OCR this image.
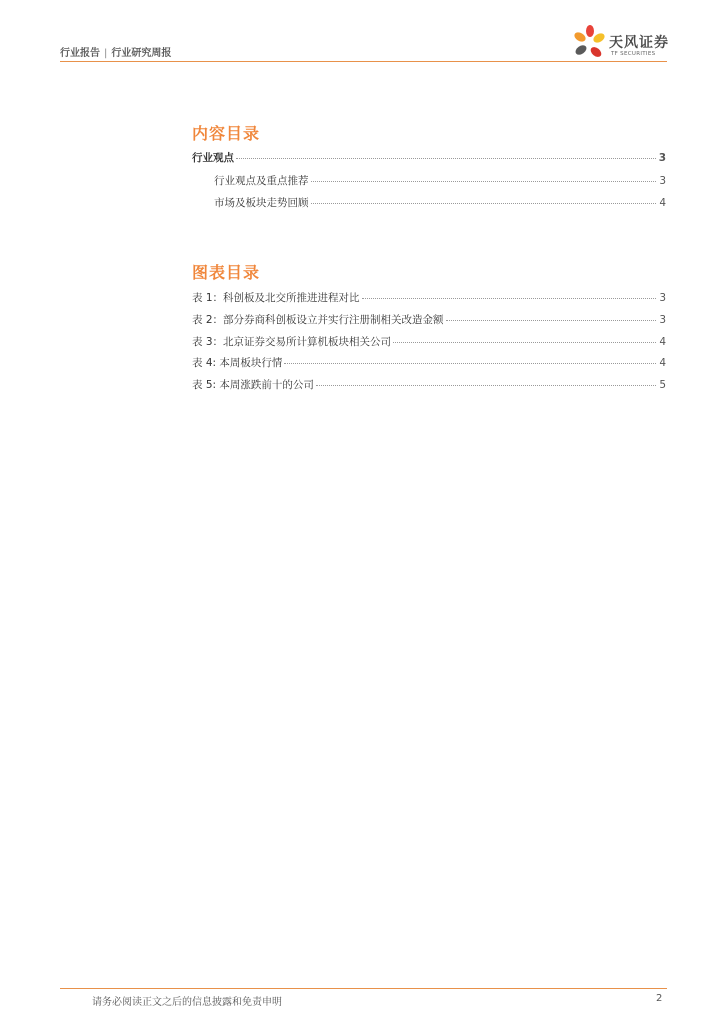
行业报告 | 行业研究周报
天风证券
TF SECURITIES
内容目录
行业观点	3
行业观点及重点推荐	3
市场及板块走势回顾	4
图表目录
表 1：科创板及北交所推进进程对比	3
表 2：部分券商科创板设立并实行注册制相关改造金额	3
表 3：北京证券交易所计算机板块相关公司	4
表 4: 本周板块行情	4
表 5: 本周涨跌前十的公司	5
请务必阅读正文之后的信息披露和免责申明	2
